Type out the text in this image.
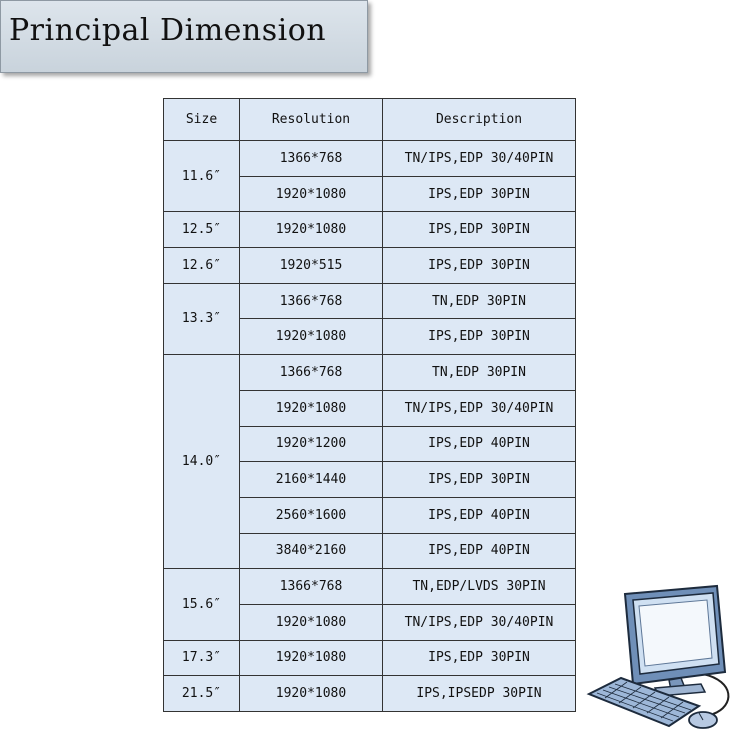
Principal Dimension
Size	Resolution	Description
11.6″	1366*768	TN/IPS,EDP 30/40PIN
	1920*1080	IPS,EDP 30PIN
12.5″	1920*1080	IPS,EDP 30PIN
12.6″	1920*515	IPS,EDP 30PIN
13.3″	1366*768	TN,EDP 30PIN
	1920*1080	IPS,EDP 30PIN
14.0″	1366*768	TN,EDP 30PIN
	1920*1080	TN/IPS,EDP 30/40PIN
	1920*1200	IPS,EDP 40PIN
	2160*1440	IPS,EDP 30PIN
	2560*1600	IPS,EDP 40PIN
	3840*2160	IPS,EDP 40PIN
15.6″	1366*768	TN,EDP/LVDS 30PIN
	1920*1080	TN/IPS,EDP 30/40PIN
17.3″	1920*1080	IPS,EDP 30PIN
21.5″	1920*1080	IPS,IPSEDP 30PIN
